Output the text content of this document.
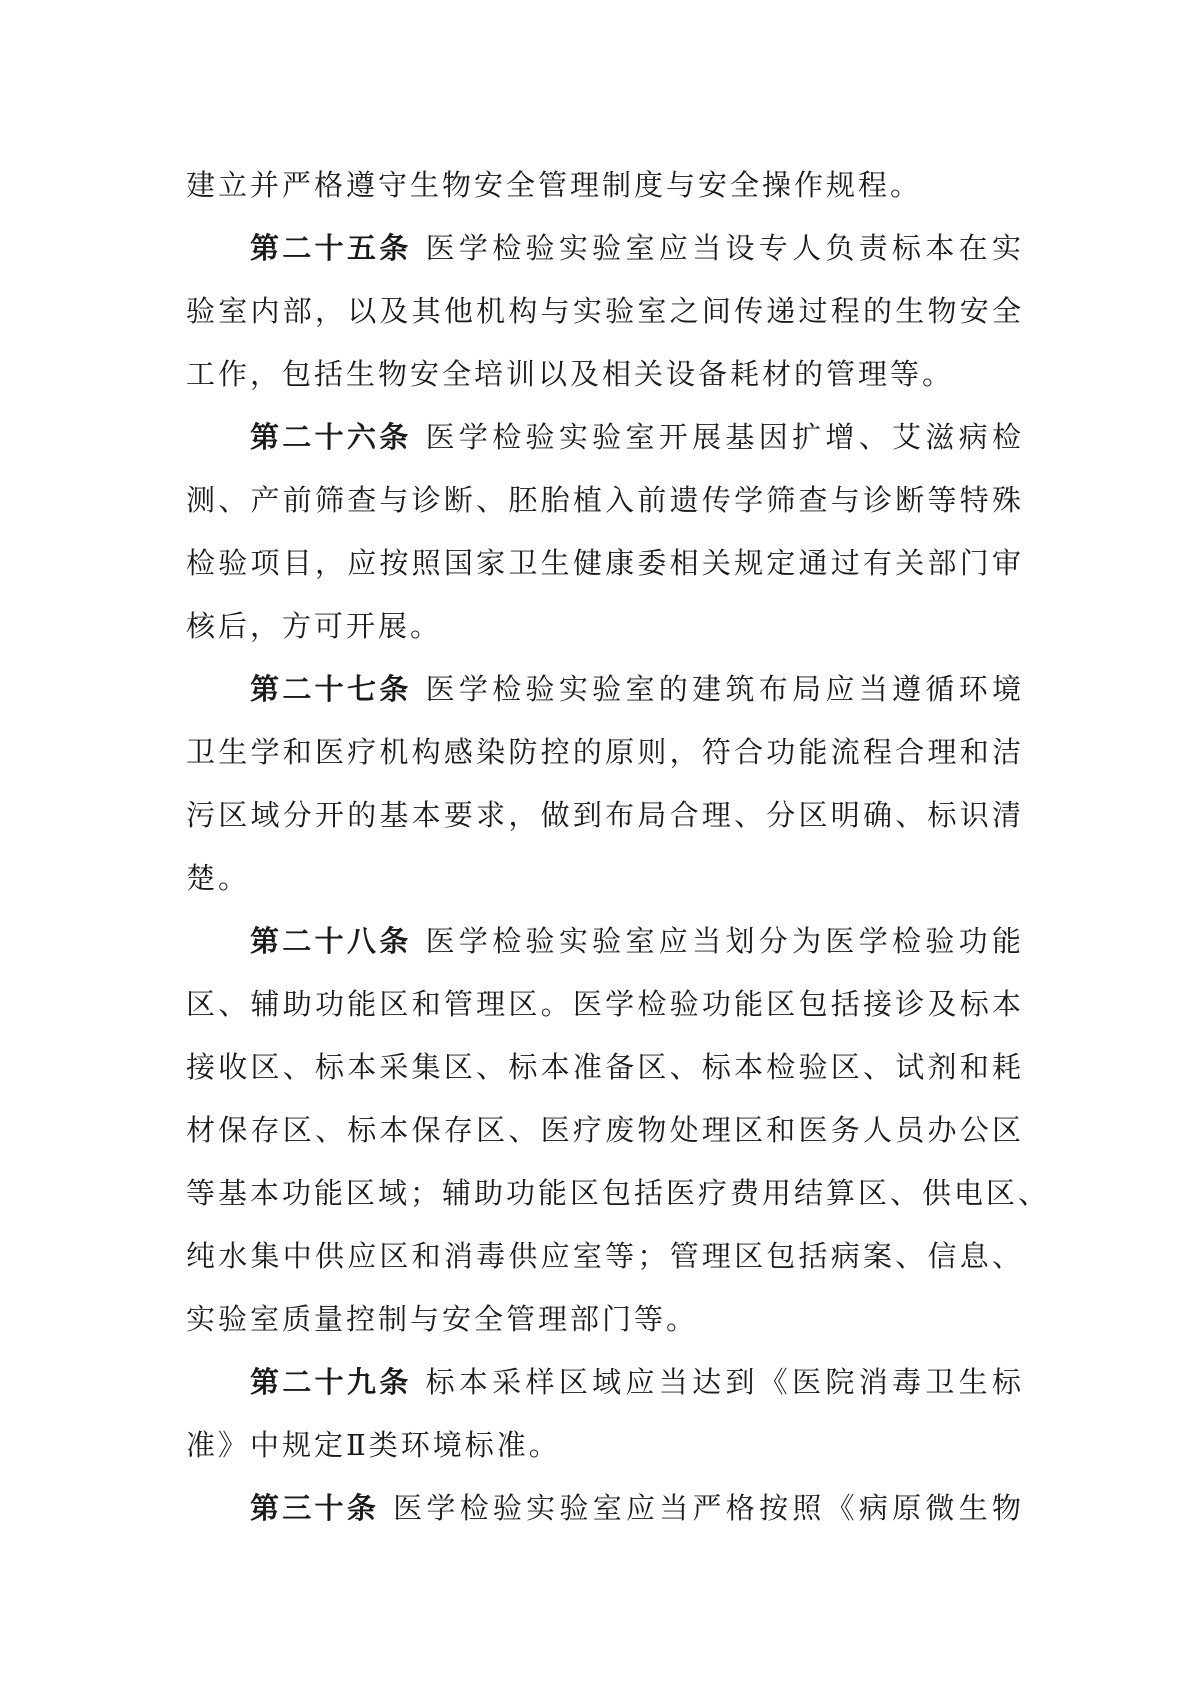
建立并严格遵守生物安全管理制度与安全操作规程。
第二十五条 医学检验实验室应当设专人负责标本在实
验室内部，以及其他机构与实验室之间传递过程的生物安全
工作，包括生物安全培训以及相关设备耗材的管理等。
第二十六条 医学检验实验室开展基因扩增、艾滋病检
测、产前筛查与诊断、胚胎植入前遗传学筛查与诊断等特殊
检验项目，应按照国家卫生健康委相关规定通过有关部门审
核后，方可开展。
第二十七条 医学检验实验室的建筑布局应当遵循环境
卫生学和医疗机构感染防控的原则，符合功能流程合理和洁
污区域分开的基本要求，做到布局合理、分区明确、标识清
楚。
第二十八条 医学检验实验室应当划分为医学检验功能
区、辅助功能区和管理区。医学检验功能区包括接诊及标本
接收区、标本采集区、标本准备区、标本检验区、试剂和耗
材保存区、标本保存区、医疗废物处理区和医务人员办公区
等基本功能区域；辅助功能区包括医疗费用结算区、供电区、
纯水集中供应区和消毒供应室等；管理区包括病案、信息、
实验室质量控制与安全管理部门等。
第二十九条 标本采样区域应当达到《医院消毒卫生标
准》中规定Ⅱ类环境标准。
第三十条 医学检验实验室应当严格按照《病原微生物
